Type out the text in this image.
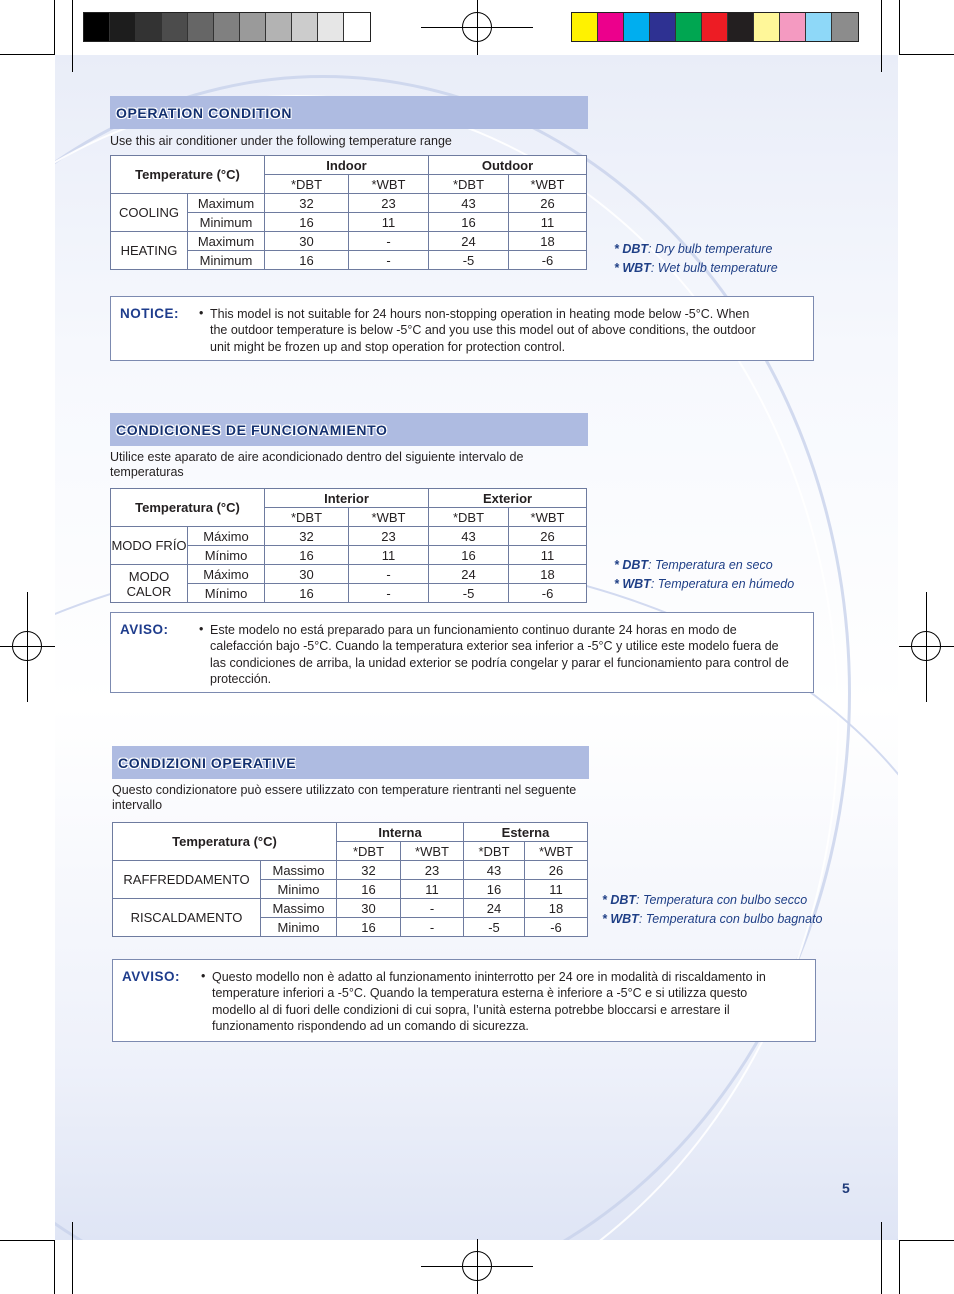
OPERATION CONDITION
Use this air conditioner under the following temperature range
Temperature (°C)		Indoor		Outdoor	
		*DBT	*WBT	*DBT	*WBT
COOLING	Maximum	32	23	43	26
	Minimum	16	11	16	11
HEATING	Maximum	30	-	24	18
	Minimum	16	-	-5	-6
* DBT: Dry bulb temperature
* WBT: Wet bulb temperature
NOTICE: • This model is not suitable for 24 hours non-stopping operation in heating mode below -5°C. When the outdoor temperature is below -5°C and you use this model out of above conditions, the outdoor unit might be frozen up and stop operation for protection control.
CONDICIONES DE FUNCIONAMIENTO
Utilice este aparato de aire acondicionado dentro del siguiente intervalo de temperaturas
Temperatura (°C)		Interior		Exterior	
		*DBT	*WBT	*DBT	*WBT
MODO FRÍO	Máximo	32	23	43	26
	Mínimo	16	11	16	11
MODO CALOR	Máximo	30	-	24	18
	Mínimo	16	-	-5	-6
* DBT: Temperatura en seco
* WBT: Temperatura en húmedo
AVISO: • Este modelo no está preparado para un funcionamiento continuo durante 24 horas en modo de calefacción bajo -5°C. Cuando la temperatura exterior sea inferior a -5°C y utilice este modelo fuera de las condiciones de arriba, la unidad exterior se podría congelar y parar el funcionamiento para control de protección.
CONDIZIONI OPERATIVE
Questo condizionatore può essere utilizzato con temperature rientranti nel seguente intervallo
Temperatura (°C)		Interna		Esterna	
		*DBT	*WBT	*DBT	*WBT
RAFFREDDAMENTO	Massimo	32	23	43	26
	Minimo	16	11	16	11
RISCALDAMENTO	Massimo	30	-	24	18
	Minimo	16	-	-5	-6
* DBT: Temperatura con bulbo secco
* WBT: Temperatura con bulbo bagnato
AVVISO: • Questo modello non è adatto al funzionamento ininterrotto per 24 ore in modalità di riscaldamento in temperature inferiori a -5°C. Quando la temperatura esterna è inferiore a -5°C e si utilizza questo modello al di fuori delle condizioni di cui sopra, l’unità esterna potrebbe bloccarsi e arrestare il funzionamento rispondendo ad un comando di sicurezza.
5
